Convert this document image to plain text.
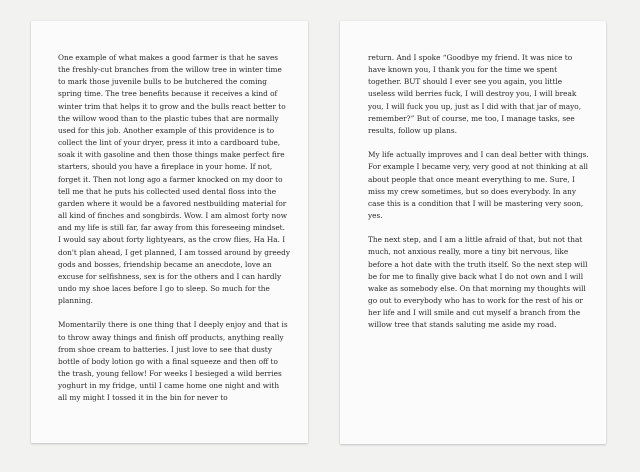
One example of what makes a good farmer is that he saves the freshly-cut branches from the willow tree in winter time to mark those juvenile bulls to be butchered the coming spring time. The tree benefits because it receives a kind of winter trim that helps it to grow and the bulls react better to the willow wood than to the plastic tubes that are normally used for this job. Another example of this providence is to collect the lint of your dryer, press it into a cardboard tube, soak it with gasoline and then those things make perfect fire starters, should you have a fireplace in your home. If not, forget it. Then not long ago a farmer knocked on my door to tell me that he puts his collected used dental floss into the garden where it would be a favored nestbuilding material for all kind of finches and songbirds. Wow. I am almost forty now and my life is still far, far away from this foreseeing mindset. I would say about forty lightyears, as the crow flies, Ha Ha. I don't plan ahead, I get planned, I am tossed around by greedy gods and bosses, friendship became an anecdote, love an excuse for selfishness, sex is for the others and I can hardly undo my shoe laces before I go to sleep. So much for the planning.

Momentarily there is one thing that I deeply enjoy and that is to throw away things and finish off products, anything really from shoe cream to batteries. I just love to see that dusty bottle of body lotion go with a final squeeze and then off to the trash, young fellow! For weeks I besieged a wild berries yoghurt in my fridge, until I came home one night and with all my might I tossed it in the bin for never to

return. And I spoke “Goodbye my friend. It was nice to have known you, I thank you for the time we spent together. BUT should I ever see you again, you little useless wild berries fuck, I will destroy you, I will break you, I will fuck you up, just as I did with that jar of mayo, remember?” But of course, me too, I manage tasks, see results, follow up plans.

My life actually improves and I can deal better with things. For example I became very, very good at not thinking at all about people that once meant everything to me. Sure, I miss my crew sometimes, but so does everybody. In any case this is a condition that I will be mastering very soon, yes.

The next step, and I am a little afraid of that, but not that much, not anxious really, more a tiny bit nervous, like before a hot date with the truth itself. So the next step will be for me to finally give back what I do not own and I will wake as somebody else. On that morning my thoughts will go out to everybody who has to work for the rest of his or her life and I will smile and cut myself a branch from the willow tree that stands saluting me aside my road.
